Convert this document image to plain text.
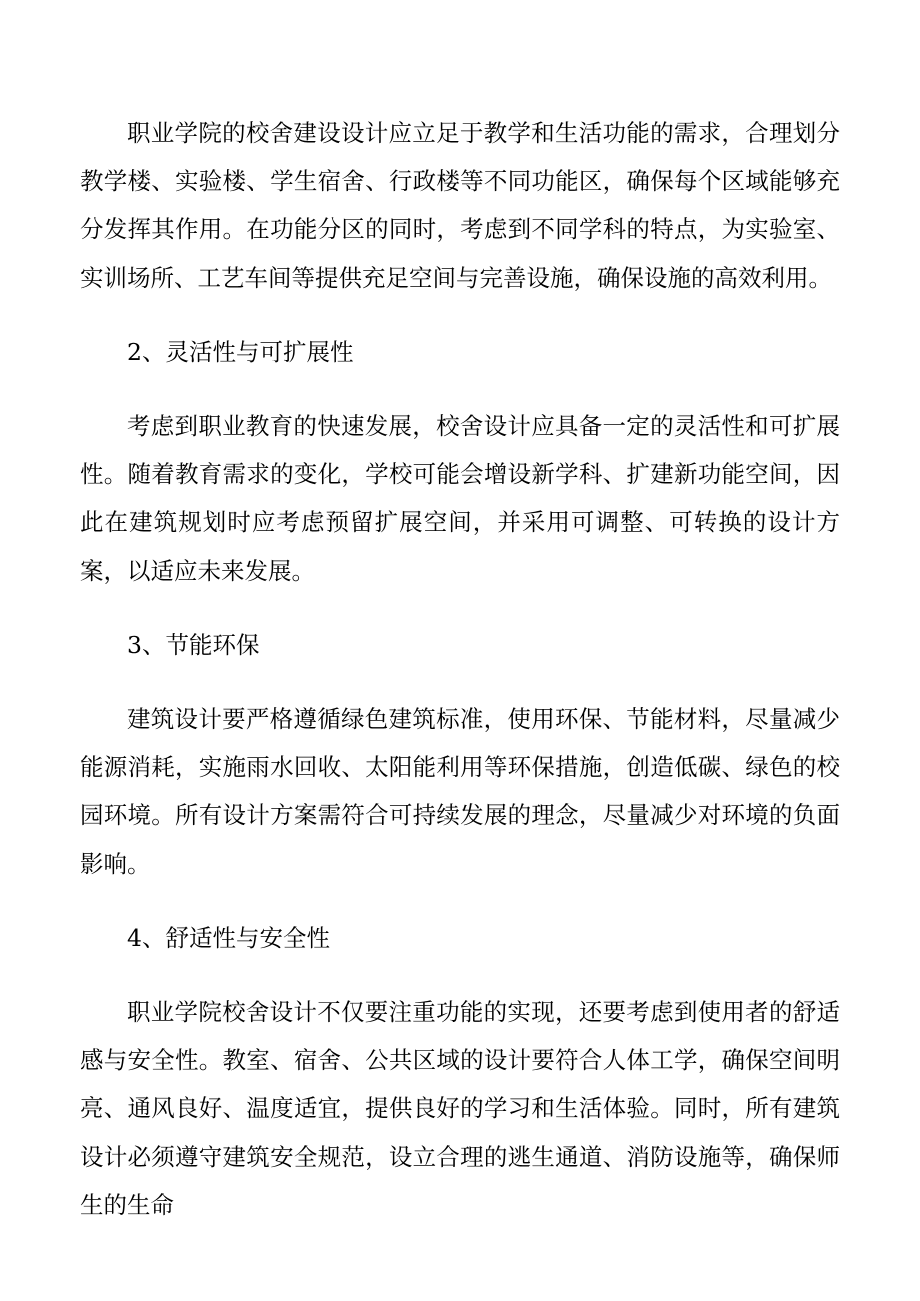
职业学院的校舍建设设计应立足于教学和生活功能的需求，合理划分教学楼、实验楼、学生宿舍、行政楼等不同功能区，确保每个区域能够充分发挥其作用。在功能分区的同时，考虑到不同学科的特点，为实验室、实训场所、工艺车间等提供充足空间与完善设施，确保设施的高效利用。

2、灵活性与可扩展性

考虑到职业教育的快速发展，校舍设计应具备一定的灵活性和可扩展性。随着教育需求的变化，学校可能会增设新学科、扩建新功能空间，因此在建筑规划时应考虑预留扩展空间，并采用可调整、可转换的设计方案，以适应未来发展。

3、节能环保

建筑设计要严格遵循绿色建筑标准，使用环保、节能材料，尽量减少能源消耗，实施雨水回收、太阳能利用等环保措施，创造低碳、绿色的校园环境。所有设计方案需符合可持续发展的理念，尽量减少对环境的负面影响。

4、舒适性与安全性

职业学院校舍设计不仅要注重功能的实现，还要考虑到使用者的舒适感与安全性。教室、宿舍、公共区域的设计要符合人体工学，确保空间明亮、通风良好、温度适宜，提供良好的学习和生活体验。同时，所有建筑设计必须遵守建筑安全规范，设立合理的逃生通道、消防设施等，确保师生的生命
